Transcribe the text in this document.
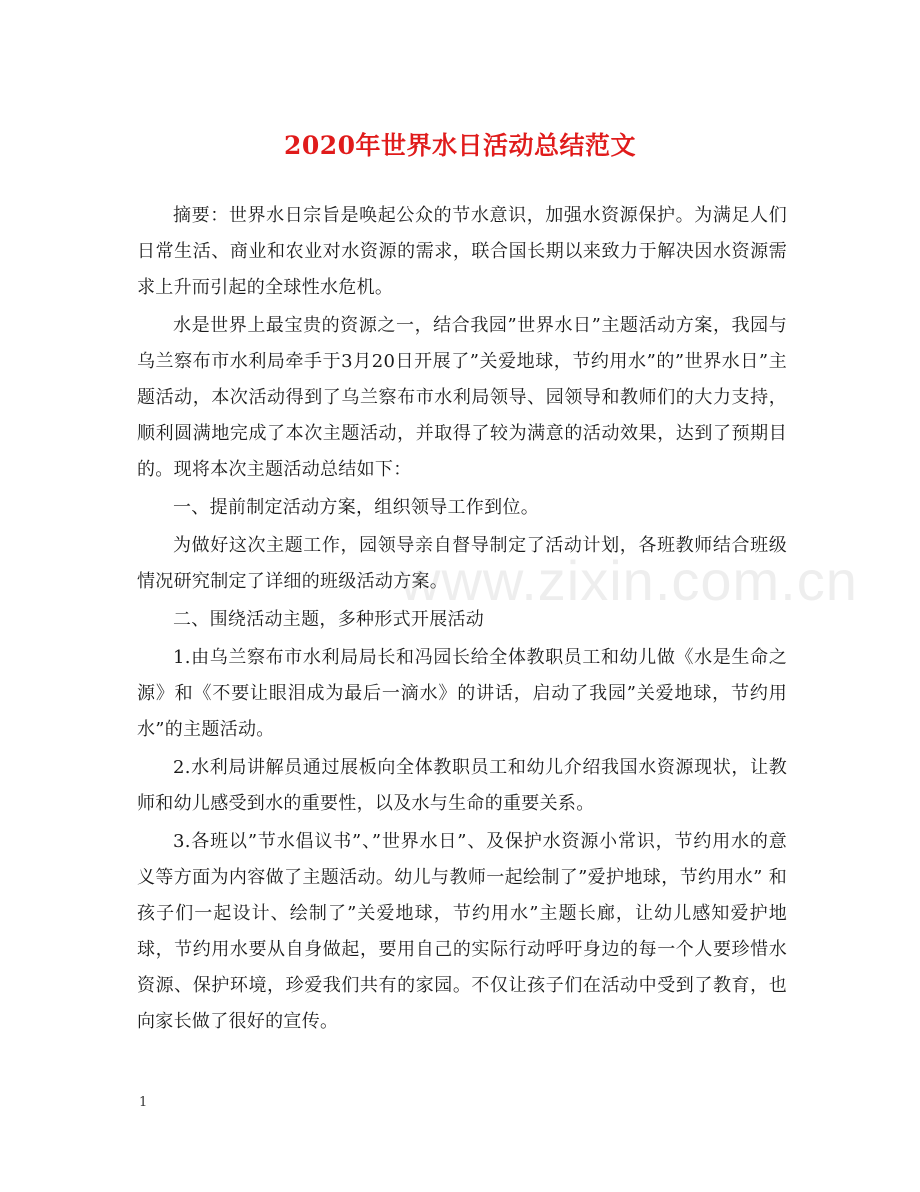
2020年世界水日活动总结范文

摘要：世界水日宗旨是唤起公众的节水意识，加强水资源保护。为满足人们日常生活、商业和农业对水资源的需求，联合国长期以来致力于解决因水资源需求上升而引起的全球性水危机。

水是世界上最宝贵的资源之一，结合我园”世界水日”主题活动方案，我园与乌兰察布市水利局牵手于3月20日开展了”关爱地球，节约用水”的”世界水日”主题活动，本次活动得到了乌兰察布市水利局领导、园领导和教师们的大力支持，顺利圆满地完成了本次主题活动，并取得了较为满意的活动效果，达到了预期目的。现将本次主题活动总结如下：

一、提前制定活动方案，组织领导工作到位。

为做好这次主题工作，园领导亲自督导制定了活动计划，各班教师结合班级情况研究制定了详细的班级活动方案。

二、围绕活动主题，多种形式开展活动

1.由乌兰察布市水利局局长和冯园长给全体教职员工和幼儿做《水是生命之源》和《不要让眼泪成为最后一滴水》的讲话，启动了我园”关爱地球，节约用水”的主题活动。

2.水利局讲解员通过展板向全体教职员工和幼儿介绍我国水资源现状，让教师和幼儿感受到水的重要性，以及水与生命的重要关系。

3.各班以”节水倡议书”、”世界水日”、及保护水资源小常识，节约用水的意义等方面为内容做了主题活动。幼儿与教师一起绘制了”爱护地球，节约用水” 和孩子们一起设计、绘制了”关爱地球，节约用水”主题长廊，让幼儿感知爱护地球，节约用水要从自身做起，要用自己的实际行动呼吁身边的每一个人要珍惜水资源、保护环境，珍爱我们共有的家园。不仅让孩子们在活动中受到了教育，也向家长做了很好的宣传。

www.zixin.com.cn
1
